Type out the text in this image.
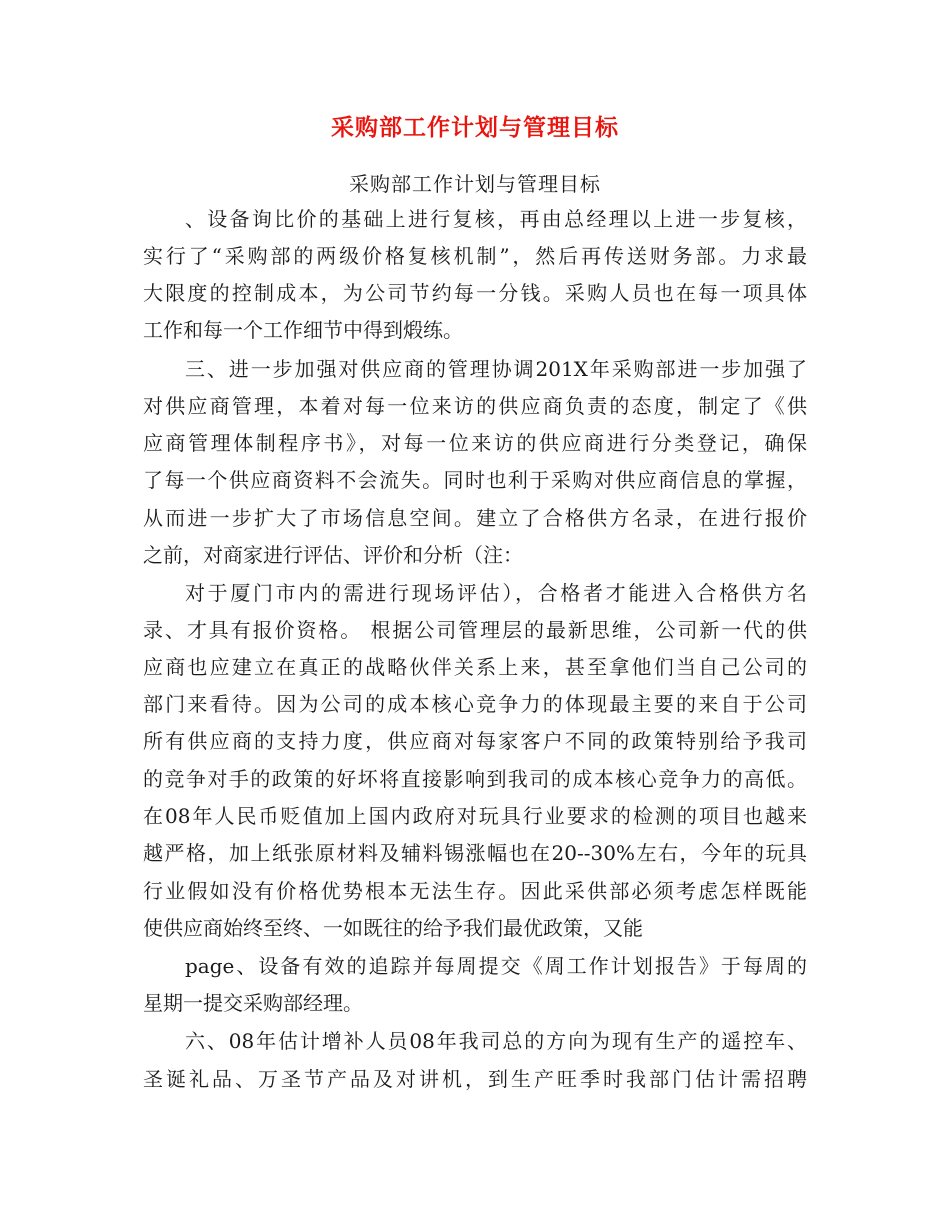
采购部工作计划与管理目标
采购部工作计划与管理目标
、设备询比价的基础上进行复核，再由总经理以上进一步复核，
实行了“采购部的两级价格复核机制”，然后再传送财务部。力求最
大限度的控制成本，为公司节约每一分钱。采购人员也在每一项具体
工作和每一个工作细节中得到煅练。
三、进一步加强对供应商的管理协调201X年采购部进一步加强了
对供应商管理，本着对每一位来访的供应商负责的态度，制定了《供
应商管理体制程序书》，对每一位来访的供应商进行分类登记，确保
了每一个供应商资料不会流失。同时也利于采购对供应商信息的掌握，
从而进一步扩大了市场信息空间。建立了合格供方名录，在进行报价
之前，对商家进行评估、评价和分析（注：
对于厦门市内的需进行现场评估），合格者才能进入合格供方名
录、才具有报价资格。 根据公司管理层的最新思维，公司新一代的供
应商也应建立在真正的战略伙伴关系上来，甚至拿他们当自己公司的
部门来看待。因为公司的成本核心竞争力的体现最主要的来自于公司
所有供应商的支持力度，供应商对每家客户不同的政策特别给予我司
的竞争对手的政策的好坏将直接影响到我司的成本核心竞争力的高低。
在08年人民币贬值加上国内政府对玩具行业要求的检测的项目也越来
越严格，加上纸张原材料及辅料锡涨幅也在20--30%左右，今年的玩具
行业假如没有价格优势根本无法生存。因此采供部必须考虑怎样既能
使供应商始终至终、一如既往的给予我们最优政策，又能
page、设备有效的追踪并每周提交《周工作计划报告》于每周的
星期一提交采购部经理。
六、08年估计增补人员08年我司总的方向为现有生产的遥控车、
圣诞礼品、万圣节产品及对讲机，到生产旺季时我部门估计需招聘
